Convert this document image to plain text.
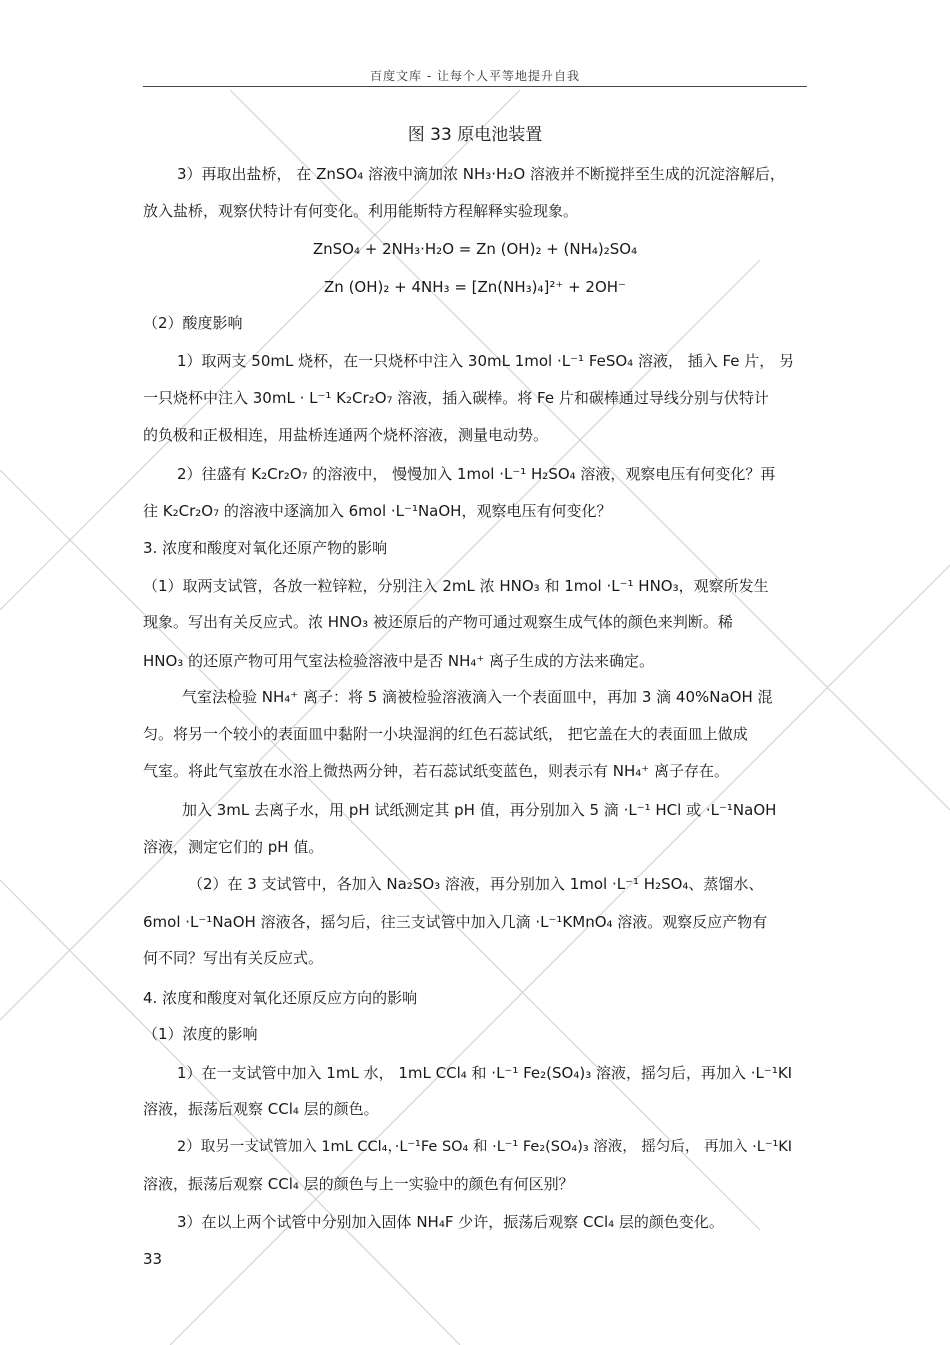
百度文库 - 让每个人平等地提升自我
图 33 原电池装置
3）再取出盐桥， 在 ZnSO₄ 溶液中滴加浓 NH₃·H₂O 溶液并不断搅拌至生成的沉淀溶解后，
放入盐桥，观察伏特计有何变化。利用能斯特方程解释实验现象。
ZnSO₄ + 2NH₃·H₂O = Zn (OH)₂ + (NH₄)₂SO₄
Zn (OH)₂ + 4NH₃ = [Zn(NH₃)₄]²⁺ + 2OH⁻
（2）酸度影响
1）取两支 50mL 烧杯，在一只烧杯中注入 30mL 1mol ·L⁻¹ FeSO₄ 溶液， 插入 Fe 片， 另
一只烧杯中注入 30mL · L⁻¹ K₂Cr₂O₇ 溶液，插入碳棒。将 Fe 片和碳棒通过导线分别与伏特计
的负极和正极相连，用盐桥连通两个烧杯溶液，测量电动势。
2）往盛有 K₂Cr₂O₇ 的溶液中， 慢慢加入 1mol ·L⁻¹ H₂SO₄ 溶液，观察电压有何变化？再
往 K₂Cr₂O₇ 的溶液中逐滴加入 6mol ·L⁻¹NaOH，观察电压有何变化？
3. 浓度和酸度对氧化还原产物的影响
（1）取两支试管，各放一粒锌粒，分别注入 2mL 浓 HNO₃ 和 1mol ·L⁻¹ HNO₃，观察所发生
现象。写出有关反应式。浓 HNO₃ 被还原后的产物可通过观察生成气体的颜色来判断。稀
HNO₃ 的还原产物可用气室法检验溶液中是否 NH₄⁺ 离子生成的方法来确定。
气室法检验 NH₄⁺ 离子：将 5 滴被检验溶液滴入一个表面皿中，再加 3 滴 40%NaOH 混
匀。将另一个较小的表面皿中黏附一小块湿润的红色石蕊试纸， 把它盖在大的表面皿上做成
气室。将此气室放在水浴上微热两分钟，若石蕊试纸变蓝色，则表示有 NH₄⁺ 离子存在。
加入 3mL 去离子水，用 pH 试纸测定其 pH 值，再分别加入 5 滴 ·L⁻¹ HCl 或 ·L⁻¹NaOH
溶液，测定它们的 pH 值。
（2）在 3 支试管中，各加入 Na₂SO₃ 溶液，再分别加入 1mol ·L⁻¹ H₂SO₄、蒸馏水、
6mol ·L⁻¹NaOH 溶液各，摇匀后，往三支试管中加入几滴 ·L⁻¹KMnO₄ 溶液。观察反应产物有
何不同？写出有关反应式。
4. 浓度和酸度对氧化还原反应方向的影响
（1）浓度的影响
1）在一支试管中加入 1mL 水， 1mL CCl₄ 和 ·L⁻¹ Fe₂(SO₄)₃ 溶液，摇匀后，再加入 ·L⁻¹KI
溶液，振荡后观察 CCl₄ 层的颜色。
2）取另一支试管加入 1mL CCl₄，·L⁻¹Fe SO₄ 和 ·L⁻¹ Fe₂(SO₄)₃ 溶液， 摇匀后， 再加入 ·L⁻¹KI
溶液，振荡后观察 CCl₄ 层的颜色与上一实验中的颜色有何区别？
3）在以上两个试管中分别加入固体 NH₄F 少许，振荡后观察 CCl₄ 层的颜色变化。
33
